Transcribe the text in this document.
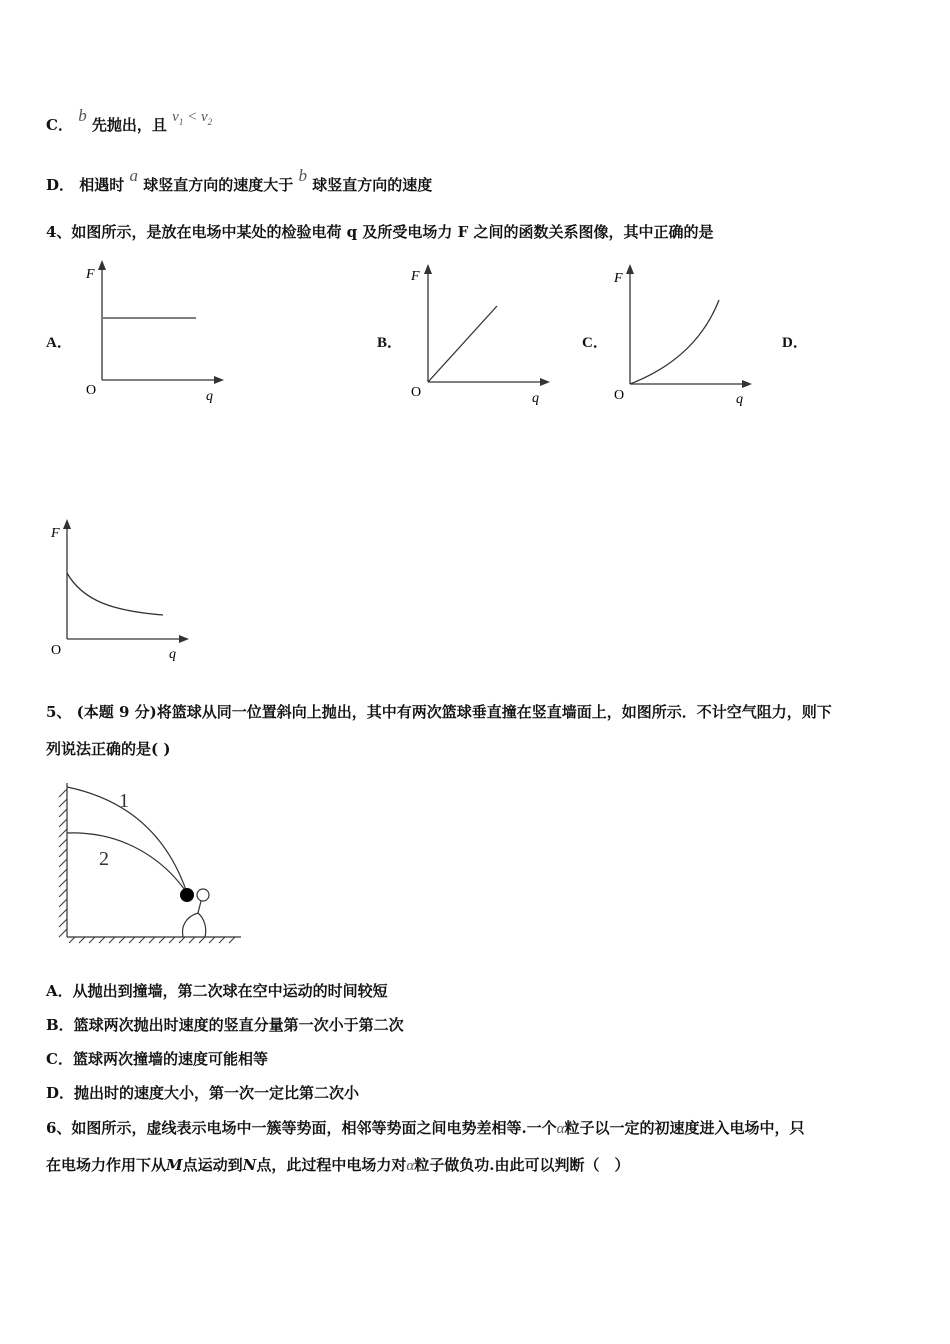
C． b 先抛出，且 $v_1 < v_2$
D． 相遇时 a 球竖直方向的速度大于 b 球竖直方向的速度
4、如图所示，是放在电场中某处的检验电荷 q 及所受电场力 F 之间的函数关系图像，其中正确的是
A．	B．	C．	D．
F
q
O
F
q
O
F
q
O
F
q
O
5、 (本题 9 分)将篮球从同一位置斜向上抛出，其中有两次篮球垂直撞在竖直墙面上，如图所示．不计空气阻力，则下
列说法正确的是( )
1
2
A．从抛出到撞墙，第二次球在空中运动的时间较短
B．篮球两次抛出时速度的竖直分量第一次小于第二次
C．篮球两次撞墙的速度可能相等
D．抛出时的速度大小，第一次一定比第二次小
6、如图所示，虚线表示电场中一簇等势面，相邻等势面之间电势差相等.一个α粒子以一定的初速度进入电场中，只
在电场力作用下从M点运动到N点，此过程中电场力对α粒子做负功.由此可以判断（　）
